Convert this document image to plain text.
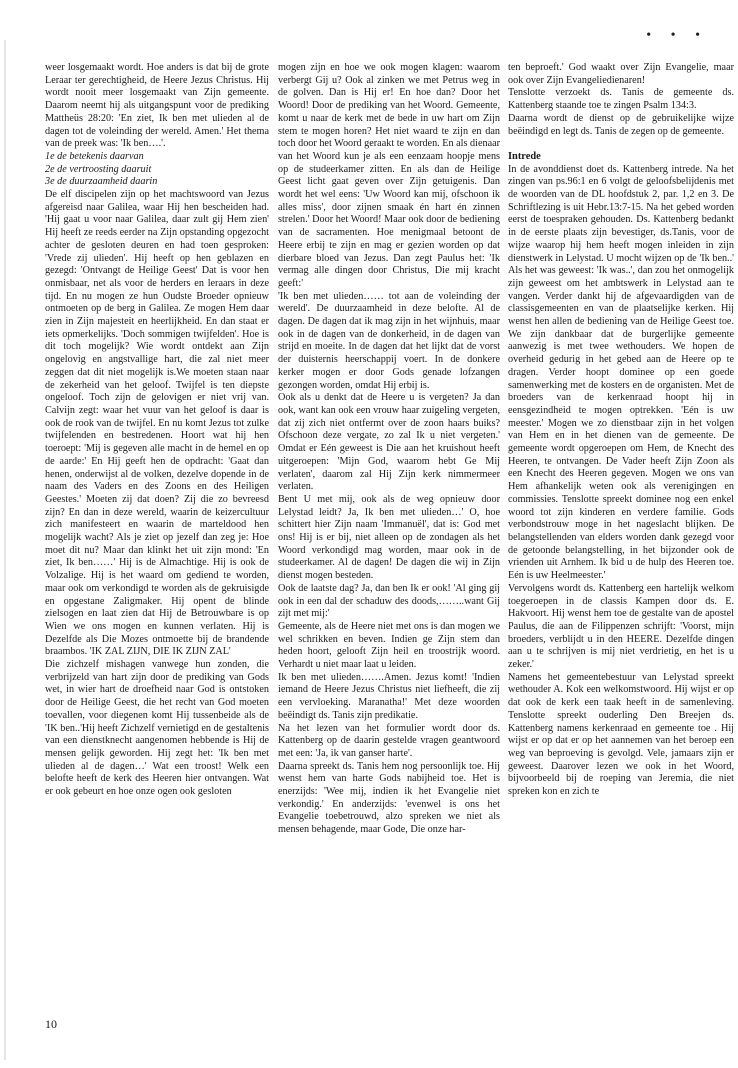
• • •

weer losgemaakt wordt. Hoe anders is dat bij de grote Leraar ter gerechtigheid, de Heere Jezus Christus. Hij wordt nooit meer losgemaakt van Zijn gemeente. Daarom neemt hij als uitgangspunt voor de prediking Mattheüs 28:20: 'En ziet, Ik ben met ulieden al de dagen tot de voleinding der wereld. Amen.' Het thema van de preek was: 'Ik ben….'.

1e de betekenis daarvan

2e de vertroosting daaruit

3e de duurzaamheid daarin

De elf discipelen zijn op het machtswoord van Jezus afgereisd naar Galilea, waar Hij hen bescheiden had. 'Hij gaat u voor naar Galilea, daar zult gij Hem zien' Hij heeft ze reeds eerder na Zijn opstanding opgezocht achter de gesloten deuren en had toen gesproken: 'Vrede zij ulieden'. Hij heeft op hen geblazen en gezegd: 'Ontvangt de Heilige Geest' Dat is voor hen onmisbaar, net als voor de herders en leraars in deze tijd. En nu mogen ze hun Oudste Broeder opnieuw ontmoeten op de berg in Galilea. Ze mogen Hem daar zien in Zijn majesteit en heerlijkheid. En dan staat er iets opmerkelijks. 'Doch sommigen twijfelden'. Hoe is dit toch mogelijk? Wie wordt ontdekt aan Zijn ongelovig en angstvallige hart, die zal niet meer zeggen dat dit niet mogelijk is.We moeten staan naar de zekerheid van het geloof. Twijfel is ten diepste ongeloof. Toch zijn de gelovigen er niet vrij van. Calvijn zegt: waar het vuur van het geloof is daar is ook de rook van de twijfel. En nu komt Jezus tot zulke twijfelenden en bestredenen. Hoort wat hij hen toeroept: 'Mij is gegeven alle macht in de hemel en op de aarde:' En Hij geeft hen de opdracht: 'Gaat dan henen, onderwijst al de volken, dezelve dopende in de naam des Vaders en des Zoons en des Heiligen Geestes.' Moeten zij dat doen? Zij die zo bevreesd zijn? En dan in deze wereld, waarin de keizercultuur zich manifesteert en waarin de marteldood hen mogelijk wacht? Als je ziet op jezelf dan zeg je: Hoe moet dit nu? Maar dan klinkt het uit zijn mond: 'En ziet, Ik ben……' Hij is de Almachtige. Hij is ook de Volzalige. Hij is het waard om gediend te worden, maar ook om verkondigd te worden als de gekruisigde en opgestane Zaligmaker. Hij opent de blinde zielsogen en laat zien dat Hij de Betrouwbare is op Wien we ons mogen en kunnen verlaten. Hij is Dezelfde als Die Mozes ontmoette bij de brandende braambos. 'IK ZAL ZIJN, DIE IK ZIJN ZAL'

Die zichzelf mishagen vanwege hun zonden, die verbrijzeld van hart zijn door de prediking van Gods wet, in wier hart de droefheid naar God is ontstoken door de Heilige Geest, die het recht van God moeten toevallen, voor diegenen komt Hij tussenbeide als de 'IK ben..'Hij heeft Zichzelf vernietigd en de gestaltenis van een dienstknecht aangenomen hebbende is Hij de mensen gelijk geworden. Hij zegt het: 'Ik ben met ulieden al de dagen…' Wat een troost! Welk een belofte heeft de kerk des Heeren hier ontvangen. Wat er ook gebeurt en hoe onze ogen ook gesloten

mogen zijn en hoe we ook mogen klagen: waarom verbergt Gij u? Ook al zinken we met Petrus weg in de golven. Dan is Hij er! En hoe dan? Door het Woord! Door de prediking van het Woord. Gemeente, komt u naar de kerk met de bede in uw hart om Zijn stem te mogen horen? Het niet waard te zijn en dan toch door het Woord geraakt te worden. En als dienaar van het Woord kun je als een eenzaam hoopje mens op de studeerkamer zitten. En als dan de Heilige Geest licht gaat geven over Zijn getuigenis. Dan wordt het wel eens: 'Uw Woord kan mij, ofschoon ik alles miss', door zijnen smaak én hart én zinnen strelen.' Door het Woord! Maar ook door de bediening van de sacramenten. Hoe menigmaal betoont de Heere erbij te zijn en mag er gezien worden op dat dierbare bloed van Jezus. Dan zegt Paulus het: 'Ik vermag alle dingen door Christus, Die mij kracht geeft:'

'Ik ben met ulieden…… tot aan de voleinding der wereld'. De duurzaamheid in deze belofte. Al de dagen. De dagen dat ik mag zijn in het wijnhuis, maar ook in de dagen van de donkerheid, in de dagen van strijd en moeite. In de dagen dat het lijkt dat de vorst der duisternis heerschappij voert. In de donkere kerker mogen er door Gods genade lofzangen gezongen worden, omdat Hij erbij is.

Ook als u denkt dat de Heere u is vergeten? Ja dan ook, want kan ook een vrouw haar zuigeling vergeten, dat zij zich niet ontfermt over de zoon haars buiks? Ofschoon deze vergate, zo zal Ik u niet vergeten.' Omdat er Eén geweest is Die aan het kruishout heeft uitgeroepen: 'Mijn God, waarom hebt Ge Mij verlaten', daarom zal Hij Zijn kerk nimmermeer verlaten.

Bent U met mij, ook als de weg opnieuw door Lelystad leidt? Ja, Ik ben met ulieden…' O, hoe schittert hier Zijn naam 'Immanuël', dat is: God met ons! Hij is er bij, niet alleen op de zondagen als het Woord verkondigd mag worden, maar ook in de studeerkamer. Al de dagen! De dagen die wij in Zijn dienst mogen besteden.

Ook de laatste dag? Ja, dan ben Ik er ook! 'Al ging gij ook in een dal der schaduw des doods,……..want Gij zijt met mij:'

Gemeente, als de Heere niet met ons is dan mogen we wel schrikken en beven. Indien ge Zijn stem dan heden hoort, gelooft Zijn heil en troostrijk woord. Verhardt u niet maar laat u leiden.

Ik ben met ulieden…….Amen. Jezus komt! 'Indien iemand de Heere Jezus Christus niet liefheeft, die zij een vervloeking. Maranatha!' Met deze woorden beëindigt ds. Tanis zijn predikatie.

Na het lezen van het formulier wordt door ds. Kattenberg op de daarin gestelde vragen geantwoord met een: 'Ja, ik van ganser harte'.

Daarna spreekt ds. Tanis hem nog persoonlijk toe. Hij wenst hem van harte Gods nabijheid toe. Het is enerzijds: 'Wee mij, indien ik het Evangelie niet verkondig.' En anderzijds: 'evenwel is ons het Evangelie toebetrouwd, alzo spreken we niet als mensen behagende, maar Gode, Die onze har-

ten beproeft.' God waakt over Zijn Evangelie, maar ook over Zijn Evangeliedienaren!

Tenslotte verzoekt ds. Tanis de gemeente ds. Kattenberg staande toe te zingen Psalm 134:3.

Daarna wordt de dienst op de gebruikelijke wijze beëindigd en legt ds. Tanis de zegen op de gemeente.

Intrede

In de avonddienst doet ds. Kattenberg intrede. Na het zingen van ps.96:1 en 6 volgt de geloofsbelijdenis met de woorden van de DL hoofdstuk 2, par. 1,2 en 3. De Schriftlezing is uit Hebr.13:7-15. Na het gebed worden eerst de toespraken gehouden. Ds. Kattenberg bedankt in de eerste plaats zijn bevestiger, ds.Tanis, voor de wijze waarop hij hem heeft mogen inleiden in zijn dienstwerk in Lelystad. U mocht wijzen op de 'Ik ben..' Als het was geweest: 'Ik was..', dan zou het onmogelijk zijn geweest om het ambtswerk in Lelystad aan te vangen. Verder dankt hij de afgevaardigden van de classisgemeenten en van de plaatselijke kerken. Hij wenst hen allen de bediening van de Heilige Geest toe. We zijn dankbaar dat de burgerlijke gemeente aanwezig is met twee wethouders. We hopen de overheid gedurig in het gebed aan de Heere op te dragen. Verder hoopt dominee op een goede samenwerking met de kosters en de organisten. Met de broeders van de kerkenraad hoopt hij in eensgezindheid te mogen optrekken. 'Eén is uw meester.' Mogen we zo dienstbaar zijn in het volgen van Hem en in het dienen van de gemeente. De gemeente wordt opgeroepen om Hem, de Knecht des Heeren, te ontvangen. De Vader heeft Zijn Zoon als een Knecht des Heeren gegeven. Mogen we ons van Hem afhankelijk weten ook als verenigingen en commissies. Tenslotte spreekt dominee nog een enkel woord tot zijn kinderen en verdere familie. Gods verbondstrouw moge in het nageslacht blijken. De belangstellenden van elders worden dank gezegd voor de getoonde belangstelling, in het bijzonder ook de vrienden uit Arnhem. Ik bid u de hulp des Heeren toe. Eén is uw Heelmeester.'

Vervolgens wordt ds. Kattenberg een hartelijk welkom toegeroepen in de classis Kampen door ds. E. Hakvoort. Hij wenst hem toe de gestalte van de apostel Paulus, die aan de Filippenzen schrijft: 'Voorst, mijn broeders, verblijdt u in den HEERE. Dezelfde dingen aan u te schrijven is mij niet verdrietig, en het is u zeker.'

Namens het gemeentebestuur van Lelystad spreekt wethouder A. Kok een welkomstwoord. Hij wijst er op dat ook de kerk een taak heeft in de samenleving. Tenslotte spreekt ouderling Den Breejen ds. Kattenberg namens kerkenraad en gemeente toe . Hij wijst er op dat er op het aannemen van het beroep een weg van beproeving is gevolgd. Vele, jamaars zijn er geweest. Daarover lezen we ook in het Woord, bijvoorbeeld bij de roeping van Jeremia, die niet spreken kon en zich te

10
